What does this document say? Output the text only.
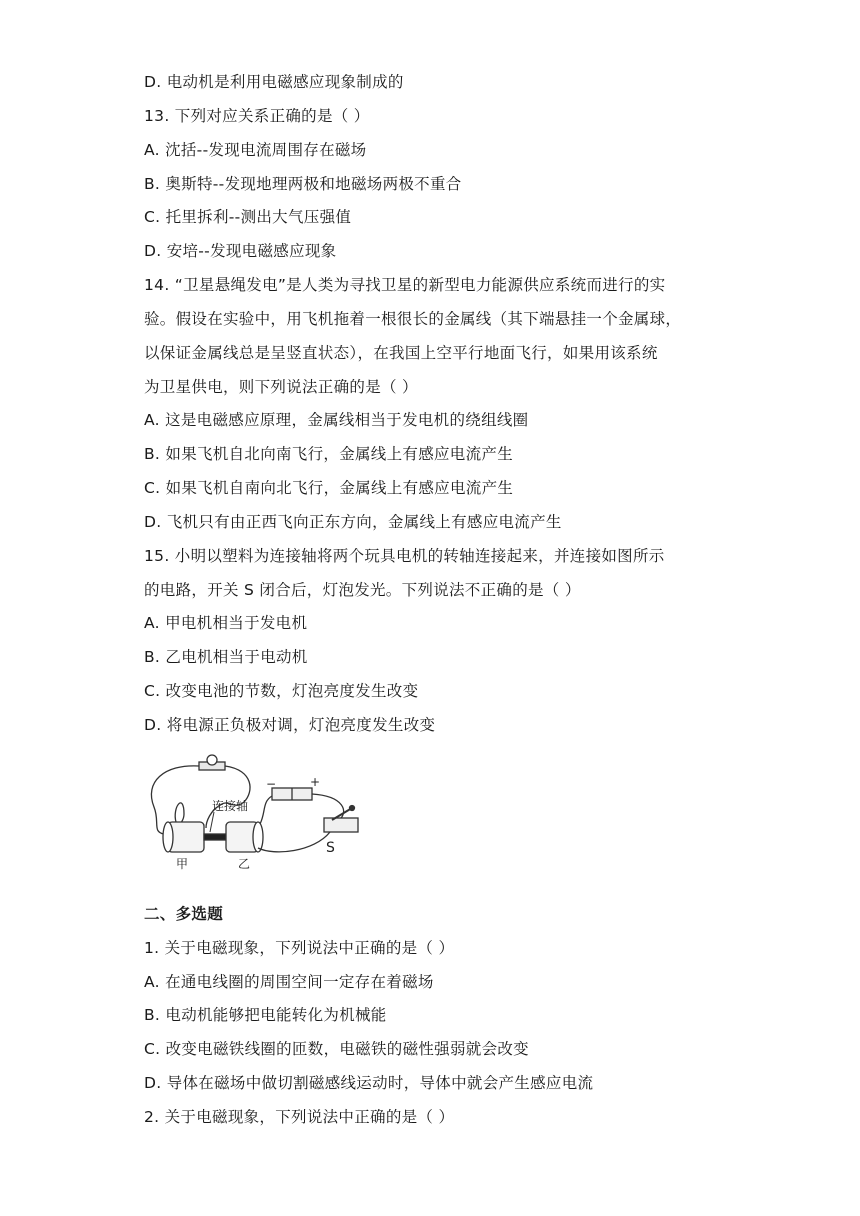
D. 电动机是利用电磁感应现象制成的
13. 下列对应关系正确的是（ ）
A. 沈括--发现电流周围存在磁场
B. 奥斯特--发现地理两极和地磁场两极不重合
C. 托里拆利--测出大气压强值
D. 安培--发现电磁感应现象
14. “卫星悬绳发电”是人类为寻找卫星的新型电力能源供应系统而进行的实
验。假设在实验中，用飞机拖着一根很长的金属线（其下端悬挂一个金属球，
以保证金属线总是呈竖直状态），在我国上空平行地面飞行，如果用该系统
为卫星供电，则下列说法正确的是（ ）
A. 这是电磁感应原理，金属线相当于发电机的绕组线圈
B. 如果飞机自北向南飞行，金属线上有感应电流产生
C. 如果飞机自南向北飞行，金属线上有感应电流产生
D. 飞机只有由正西飞向正东方向，金属线上有感应电流产生
15. 小明以塑料为连接轴将两个玩具电机的转轴连接起来，并连接如图所示
的电路，开关 S 闭合后，灯泡发光。下列说法不正确的是（ ）
A. 甲电机相当于发电机
B. 乙电机相当于电动机
C. 改变电池的节数，灯泡亮度发生改变
D. 将电源正负极对调，灯泡亮度发生改变
连接轴
甲	乙
S
−	+
二、多选题
1. 关于电磁现象，下列说法中正确的是（ ）
A. 在通电线圈的周围空间一定存在着磁场
B. 电动机能够把电能转化为机械能
C. 改变电磁铁线圈的匝数，电磁铁的磁性强弱就会改变
D. 导体在磁场中做切割磁感线运动时，导体中就会产生感应电流
2. 关于电磁现象，下列说法中正确的是（ ）
